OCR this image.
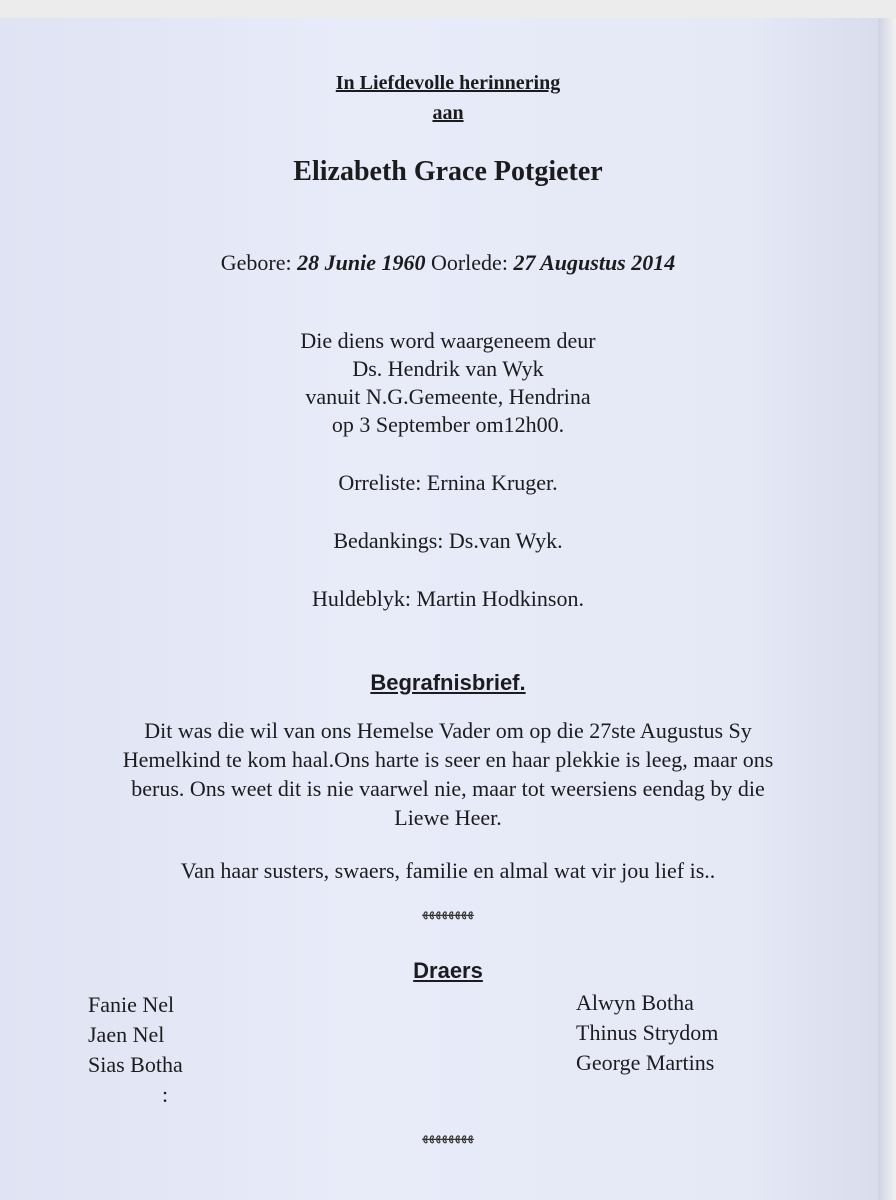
In Liefdevolle herinnering
aan
Elizabeth Grace Potgieter
Gebore: 28 Junie 1960 Oorlede: 27 Augustus 2014
Die diens word waargeneem deur
Ds. Hendrik van Wyk
vanuit N.G.Gemeente, Hendrina
op 3 September om12h00.
Orreliste: Ernina Kruger.
Bedankings: Ds.van Wyk.
Huldeblyk: Martin Hodkinson.
Begrafnisbrief.
Dit was die wil van ons Hemelse Vader om op die 27ste Augustus Sy
Hemelkind te kom haal.Ons harte is seer en haar plekkie is leeg, maar ons
berus. Ons weet dit is nie vaarwel nie, maar tot weersiens eendag by die
Liewe Heer.
Van haar susters, swaers, familie en almal wat vir jou lief is..
ﻬﻬﻬﻬﻬﻬﻬﻬ
Draers
Fanie Nel
Jaen Nel
Sias Botha
:
Alwyn Botha
Thinus Strydom
George Martins
ﻬﻬﻬﻬﻬﻬﻬﻬ
